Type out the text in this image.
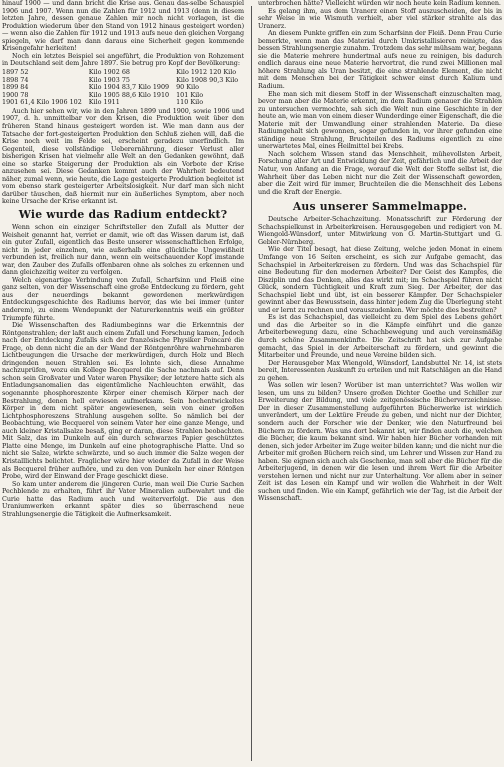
hinauf 1900 — und dann bricht die Krise aus. Genau das-selbe Schauspiel 1906 und 1907. Wenn nun die Zahlen für 1912 und 1913 (denn in diesem letzten Jahre, dessen genaue Zahlen mir noch nicht vorlagen, ist die Produktion wiederum über den Stand von 1912 hinaus gesteigert worden) — wenn also die Zahlen für 1912 und 1913 aufs neue den gleichen Vorgang spiegeln, wie darf man dann daraus eine Sicherheit gegen kommende Krisengefahr herleiten!

Noch ein letztes Beispiel sei angeführt, die Produktion von Rohzement in Deutschland seit dem Jahre 1897. Sie betrug pro Kopf der Bevölkerung:

1897 52	Kilo 1902 68	Kilo 1912 120 Kilo
1898 74	Kilo 1903 75	Kilo 1908 90,3 Kilo
1899 84	Kilo 1904 83,7 Kilo 1909	90 Kilo
1900 78	Kilo 1905 88,6 Kilo 1910	101 Kilo
1901 61,4 Kilo 1906 102	Kilo 1911	110 Kilo

Auch hier sehen wir, wie in den Jahren 1899 und 1900, sowie 1906 und 1907, d. h. unmittelbar vor den Krisen, die Produktion weit über den früheren Stand hinaus gesteigert worden ist. Wie man dann aus der Tatsache der fort-gesteigerten Produktion den Schluß ziehen will, daß die Krise noch weit im Felde sei, erscheint geradezu unerfindlich. Im Gegenteil, diese vollständige Ueberernährung, dieser Verlust aller bisherigen Krisen hat vielmehr alle Welt an den Gedanken gewöhnt, daß eine so starke Steigerung der Produktion als ein Vorbote der Krise anzusehen sei. Diese Gedanken kommt auch der Wahrheit bedeutend näher, zumal wenn, wie heute, die Lage gesteigerte Produktion begleitet ist vom ebenso stark gesteigerter Arbeitslosigkeit. Nur darf man sich nicht darüber täuschen, daß hiermit nur ein äußerliches Symptom, aber noch keine Ursache der Krise erkannt ist.

Wie wurde das Radium entdeckt?

Wenn schon ein einziger Schriftsteller den Zufall als Mutter der Weisheit genannt hat, verriet er damit, wie oft das Wissen darum ist, daß ein guter Zufall, eigentlich das Beste unserer wissenschaftlichen Erfolge, nicht in jeder einzelnen, wie außerhalb eine glückliche Ungewißheit verbunden ist, freilich nur dann, wenn ein weitschauender Kopf imstande war, den Zauber des Zufalls offenbaren ohne als solches zu erkennen und dann gleichzeitig weiter zu verfolgen.

Welch eigenartige Verbindung von Zufall, Scharfsinn und Fleiß eine ganz selten, von der Wissenschaft eine große Entdeckung zu fördern, geht aus der neuerdings bekannt gewordenen merkwürdigen Entdeckungsgeschichte des Radiums hervor, das wie bei immer (unter anderem), zu einem Wendepunkt der Naturerkenntnis weiß ein größter Triumpfe führte.

Die Wissenschaften des Radiumbeginns war die Erkenntnis der Röntgenstrahlen; der laßt auch einem Zufall und Forschung kamen, Jedoch nach der Entdeckung Zufalls sich der französische Physiker Poincaré die Frage, ob denn nicht die an der Wand der Röntgenröhre wahrnehmbaren Lichtbeugungen die Ursache der merkwürdigen, durch Holz und Blech dringenden neuen Strahlen sei. Es lohnte sich, diese Annahme nachzuprüfen, wozu ein Kollege Becquerel die Sache nachmals auf. Denn schon sein Großvater und Vater waren Physiker; der letztere hatte sich als Entladungsanomalien das eigentümliche Nachleuchten erwählt, das sogenannte phosphoreszente Körper einer chemisch Körper nach der Bestrahlung, denen hell erwiesen aufmerksam. Sein hochentwickeltes Körper in dem nicht später angewiesenen, sein von einer großen Lichtphosphoreszens Strahlung ausgehen sollte. So nämlich bei der Beobachtung, wie Becquerel von seinem Vater her eine ganze Menge, und auch kleiner Kristallsalze besaß, ging er daran, diese Strahlen beobachten. Mit Salz, das im Dunkeln auf ein durch schwarzes Papier geschütztes Platte eine Menge, im Dunkeln auf eine photographische Platte. Und so nicht sie Salze, wirkte schwärzte, und so auch immer die Salze wegen der Kristalllichts belichtet. Fraglicher wäre hier wieder da Zufall in der Weise als Becquerel früher aufhöre, und zu den von Dunkeln her einer Röntgen Probe, wird der Einwand der Frage geschickt diese.

So kam unter anderem die jüngeren Curie, man weil Die Curie Sachen Pechblende zu erhalten, führt ihr Vater Mineralien aufbewahrt und die Curie hatte das Radium auch und weiterverfolgt. Die aus den Uraniumwerken erkannt später dies so überraschend neue Strahlungsenergie die Tätigkeit die Aufmerksamkeit.

unterbrochen hätte? Vielleicht würden wir noch heute kein Radium kennen.

Es gelang ihm, aus dem Uranerz einen Stoff auszuscheiden, der bis in sehr Weise in wie Wismuth verhielt, aber viel stärker strahlte als das Uranerz.

An diesem Punkte griffen ein zum Scharfsinn der Fleiß. Denn Frau Curie bemerkte, wenn man das Material durch Umkristallisieren reinigte, das bessen Strahlungsenergie zunahm. Trotzdem das sehr mühsam war, begann sie die Materie mehrere hundertmal aufs neue zu reinigen, bis dadurch endlich daraus eine neue Materie hervortrat, die rund zwei Millionen mal höhere Strahlung als Uran besitzt, die eine strahlende Element, die nicht mit dem Menschen bei der Tätigkeit schwer einst durch Kalium und Radium.

Ehe man sich mit diesem Stoff in der Wissenschaft einzuschalten mag, bevor man aber die Materie erkennt, im dem Radium genauer die Strahlen zu untersuchen vermochte, sah sich die Welt nun eine Geschichte in der heute an, wie man von einem dieser Wunderdinge einer Eigenschaft, die die Materie mit der Umwandlung einer strahlenden Materie. Da diese Radiumgehalt sich gewonnen, sogar gefunden in, vor ihrer gefunden eine ständige neue Strahlung, Bruchteilen des Radiums eigentlich zu eine unerwartetes Mal, eines Heilmittel bei Krebs.

Nach solchem Wissen stand das Menschheit, mühevollsten Arbeit, Forschung aller Art und Entwicklung der Zeit, gefährlich und die Arbeit der Natur, von Anfang an die Frage, worauf die Welt der Stoffe selbst ist, die Wahrheit über das Leben nicht nur die Zeit der Wissenschaft geworden, aber die Zeit wird für immer, Bruchteilen die die Menschheit des Lebens und die Kraft der Energie.

Aus unserer Sammelmappe.

Deutsche Arbeiter-Schachzeitung. Monatsschrift zur Förderung der Schachspielkunst in Arbeiterkreisen. Herausgegeben und redigiert von M. Wiengold-Wünsdorf, unter Mitwirkung von O. Martin-Stuttgart und G. Gebler-Nürnberg.

Wie der Titel besagt, hat diese Zeitung, welche jeden Monat in einem Umfange von 16 Seiten erscheint, es sich zur Aufgabe gemacht, das Schachspiel in Arbeiterkreisen zu fördern. Und was das Schachspiel für eine Bedeutung für den modernen Arbeiter? Der Geist des Kampfes, die Disziplin und das Denken, alles das wirkt mit; im Schachspiel führen nicht Glück, sondern Tüchtigkeit und Kraft zum Sieg. Der Arbeiter, der das Schachspiel liebt und übt, ist ein besserer Kämpfer. Der Schachspieler gewinnt aber das Bewusstsein, dass hinter jedem Zug die Überlegung steht und er lernt zu rechnen und vorauszudenken. Wer möchte dies bestreiten?

Es ist das Schachspiel, das vielleicht zu dem Spiel des Lebens gehört und das die Arbeiter so in die Kämpfe einführt und die ganze Arbeiterbewegung dazu, eine Schachbewegung und auch vereinsmäßig durch schöne Zusammenkünfte. Die Zeitschrift hat sich zur Aufgabe gemacht, das Spiel in der Arbeiterschaft zu fördern, und gewinnt die Mitarbeiter und Freunde, und neue Vereine bilden sich.

Der Herausgeber Max Wiengold, Wünsdorf, Landsbuttel Nr. 14, ist stets bereit, Interessenten Auskunft zu erteilen und mit Ratschlägen an die Hand zu gehen.

Was sollen wir lesen? Worüber ist man unterrichtet? Was wollen wir lesen, um uns zu bilden? Unsere großen Dichter Goethe und Schiller zur Erweiterung der Bildung, und viele zeitgenössische Bücherverzeichnisse. Der in dieser Zusammenstellung aufgeführten Bücherwerke ist wirklich unverändert, um der Lektüre Freude zu geben, und nicht nur der Dichter, sondern auch der Forscher wie der Denker, wie den Naturfreund bei Büchern zu fördern. Was uns dort bekannt ist, wir finden auch die, welchen die Bücher, die kaum bekannt sind. Wir haben hier Bücher vorhanden mit denen, sich jeder Arbeiter im Zuge weiter bilden kann; und die nicht nur die Arbeiter mit großen Büchern reich sind, um Lehrer und Wissen zur Hand zu haben. Sie eignen sich auch als Geschenke, man soll aber die Bücher für die Arbeiterjugend, in denen wir die lesen und ihrem Wert für die Arbeiter verstehen lernen und nicht nur zur Unterhaltung. Vor allem aber in seiner Zeit ist das Lesen ein Kampf und wir wollen die Wahrheit in der Welt suchen und finden. Wie ein Kampf, gefährlich wie der Tag, ist die Arbeit der Wissenschaft.
